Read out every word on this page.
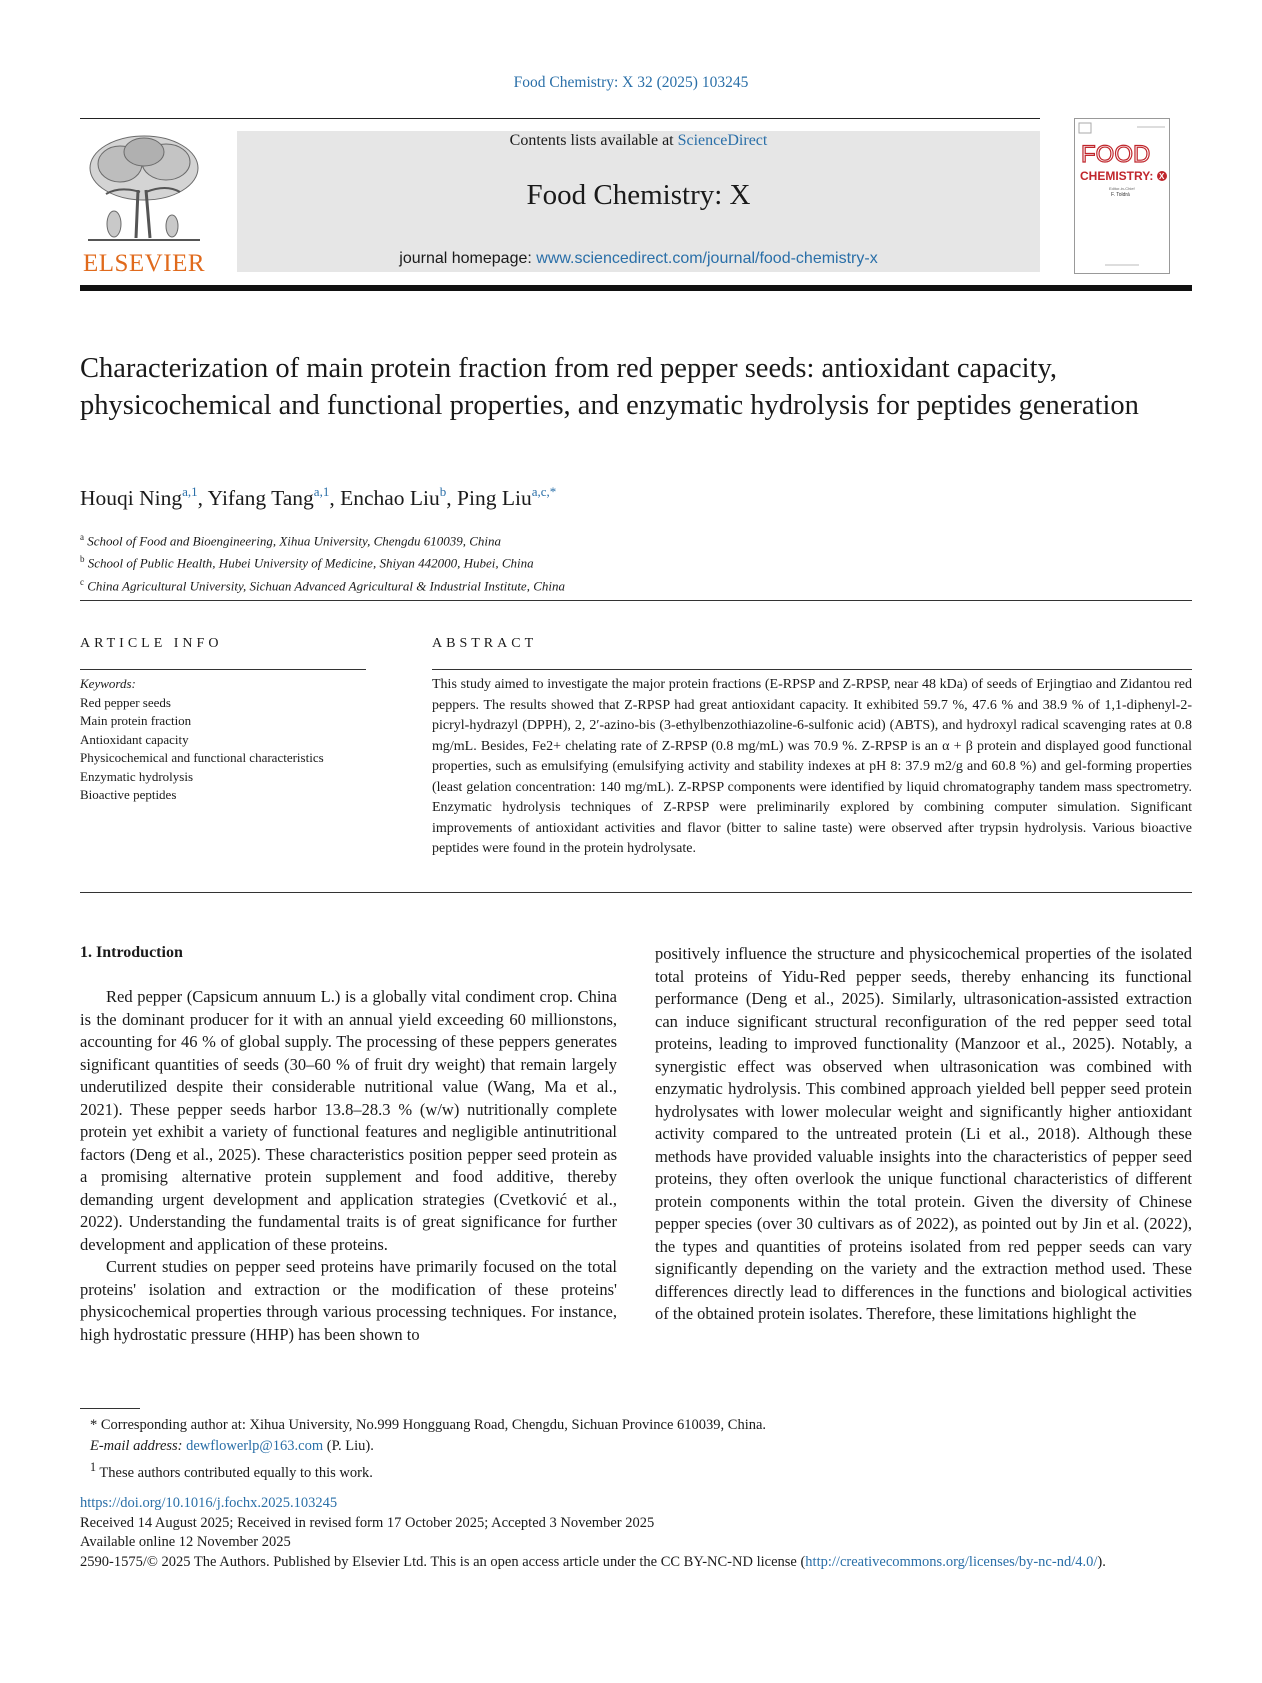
Food Chemistry: X 32 (2025) 103245
ELSEVIER
Contents lists available at ScienceDirect
Food Chemistry: X
journal homepage: www.sciencedirect.com/journal/food-chemistry-x
FOOD
CHEMISTRY: X
Editor-in-Chief
F. Toldrá
Characterization of main protein fraction from red pepper seeds: antioxidant capacity, physicochemical and functional properties, and enzymatic hydrolysis for peptides generation
Houqi Ning$^{a,1}$, Yifang Tang$^{a,1}$, Enchao Liu$^b$, Ping Liu$^{a,c,*}$
$^a$ School of Food and Bioengineering, Xihua University, Chengdu 610039, China
$^b$ School of Public Health, Hubei University of Medicine, Shiyan 442000, Hubei, China
$^c$ China Agricultural University, Sichuan Advanced Agricultural & Industrial Institute, China
ARTICLE INFO	ABSTRACT
Keywords:
Red pepper seeds
Main protein fraction
Antioxidant capacity
Physicochemical and functional characteristics
Enzymatic hydrolysis
Bioactive peptides
This study aimed to investigate the major protein fractions (E-RPSP and Z-RPSP, near 48 kDa) of seeds of Erjingtiao and Zidantou red peppers. The results showed that Z-RPSP had great antioxidant capacity. It exhibited 59.7 %, 47.6 % and 38.9 % of 1,1-diphenyl-2-picryl-hydrazyl (DPPH), 2, 2′-azino-bis (3-ethylbenzothiazoline-6-sulfonic acid) (ABTS), and hydroxyl radical scavenging rates at 0.8 mg/mL. Besides, Fe2+ chelating rate of Z-RPSP (0.8 mg/mL) was 70.9 %. Z-RPSP is an α + β protein and displayed good functional properties, such as emulsifying (emulsifying activity and stability indexes at pH 8: 37.9 m2/g and 60.8 %) and gel-forming properties (least gelation concentration: 140 mg/mL). Z-RPSP components were identified by liquid chromatography tandem mass spectrometry. Enzymatic hydrolysis techniques of Z-RPSP were preliminarily explored by combining computer simulation. Significant improvements of antioxidant activities and flavor (bitter to saline taste) were observed after trypsin hydrolysis. Various bioactive peptides were found in the protein hydrolysate.
1. Introduction

Red pepper (Capsicum annuum L.) is a globally vital condiment crop. China is the dominant producer for it with an annual yield exceeding 60 millionstons, accounting for 46 % of global supply. The processing of these peppers generates significant quantities of seeds (30–60 % of fruit dry weight) that remain largely underutilized despite their considerable nutritional value (Wang, Ma et al., 2021). These pepper seeds harbor 13.8–28.3 % (w/w) nutritionally complete protein yet exhibit a variety of functional features and negligible antinutritional factors (Deng et al., 2025). These characteristics position pepper seed protein as a promising alternative protein supplement and food additive, thereby demanding urgent development and application strategies (Cvetković et al., 2022). Understanding the fundamental traits is of great significance for further development and application of these proteins.

Current studies on pepper seed proteins have primarily focused on the total proteins' isolation and extraction or the modification of these proteins' physicochemical properties through various processing techniques. For instance, high hydrostatic pressure (HHP) has been shown to

positively influence the structure and physicochemical properties of the isolated total proteins of Yidu-Red pepper seeds, thereby enhancing its functional performance (Deng et al., 2025). Similarly, ultrasonication-assisted extraction can induce significant structural reconfiguration of the red pepper seed total proteins, leading to improved functionality (Manzoor et al., 2025). Notably, a synergistic effect was observed when ultrasonication was combined with enzymatic hydrolysis. This combined approach yielded bell pepper seed protein hydrolysates with lower molecular weight and significantly higher antioxidant activity compared to the untreated protein (Li et al., 2018). Although these methods have provided valuable insights into the characteristics of pepper seed proteins, they often overlook the unique functional characteristics of different protein components within the total protein. Given the diversity of Chinese pepper species (over 30 cultivars as of 2022), as pointed out by Jin et al. (2022), the types and quantities of proteins isolated from red pepper seeds can vary significantly depending on the variety and the extraction method used. These differences directly lead to differences in the functions and biological activities of the obtained protein isolates. Therefore, these limitations highlight the

* Corresponding author at: Xihua University, No.999 Hongguang Road, Chengdu, Sichuan Province 610039, China.
E-mail address: dewflowerlp@163.com (P. Liu).
$^1$ These authors contributed equally to this work.
https://doi.org/10.1016/j.fochx.2025.103245
Received 14 August 2025; Received in revised form 17 October 2025; Accepted 3 November 2025
Available online 12 November 2025
2590-1575/© 2025 The Authors. Published by Elsevier Ltd. This is an open access article under the CC BY-NC-ND license (http://creativecommons.org/licenses/by-nc-nd/4.0/).
